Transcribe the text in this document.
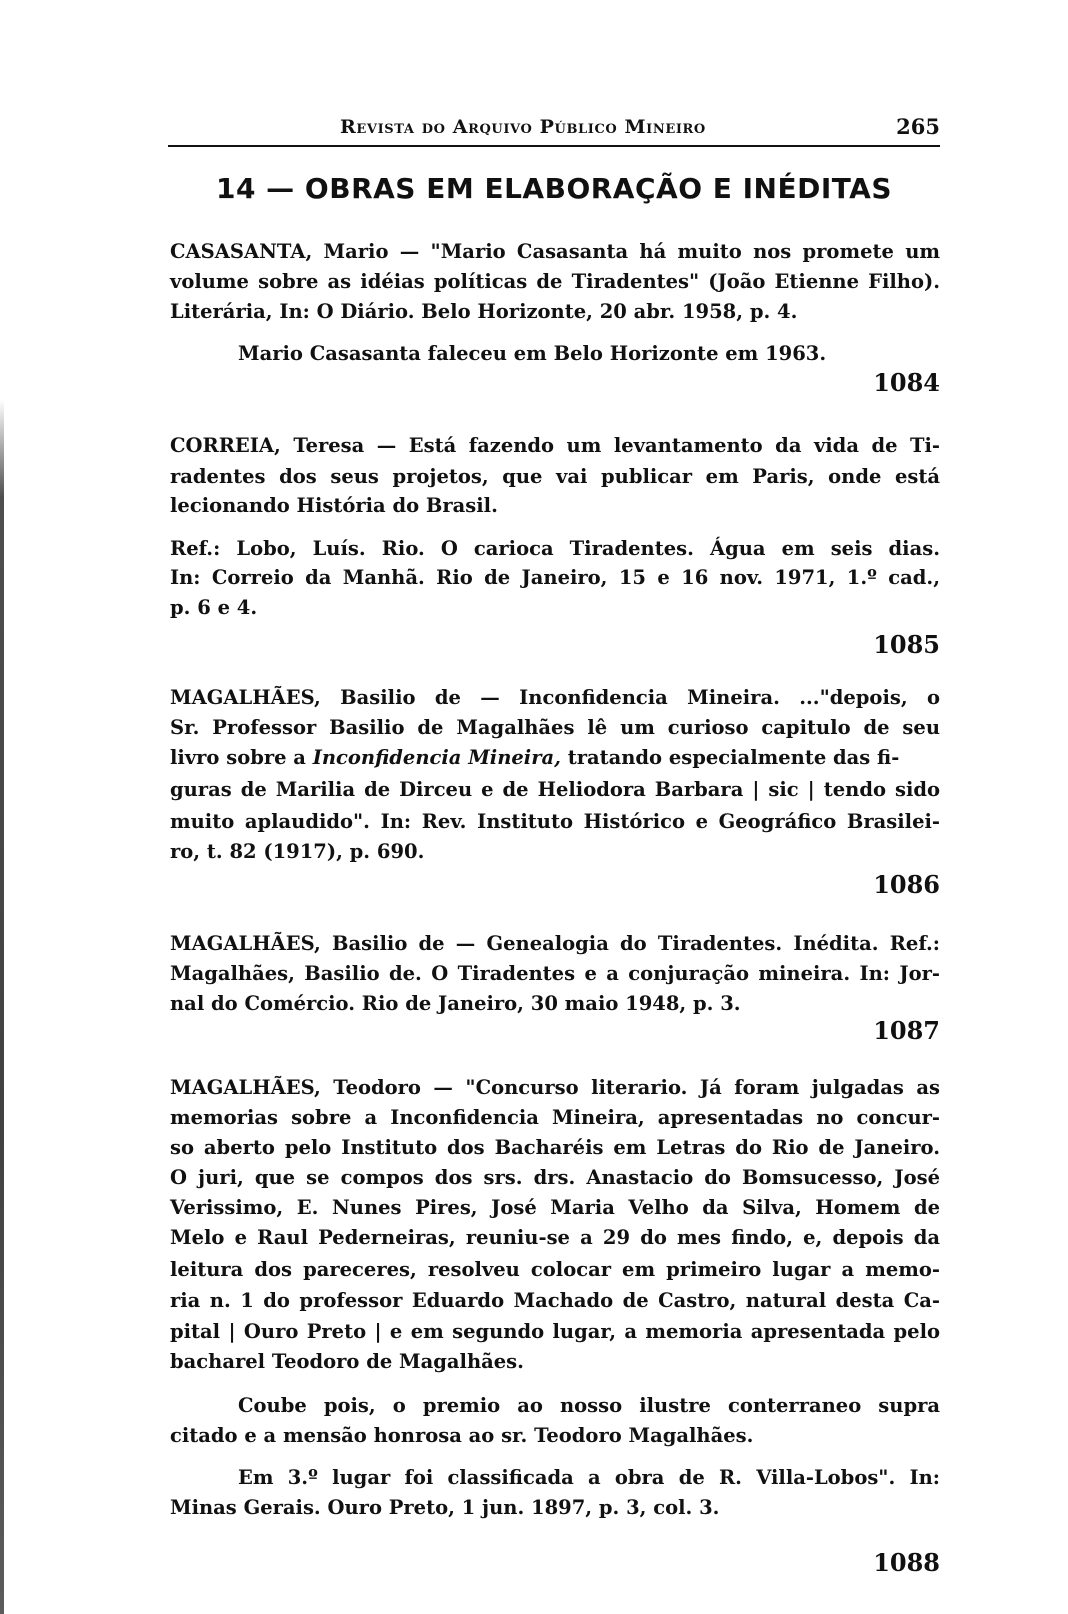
Revista do Arquivo Público Mineiro	265
14 — OBRAS EM ELABORAÇÃO E INÉDITAS
CASASANTA, Mario — "Mario Casasanta há muito nos promete um
volume sobre as idéias políticas de Tiradentes" (João Etienne Filho).
Literária, In: O Diário. Belo Horizonte, 20 abr. 1958, p. 4.
Mario Casasanta faleceu em Belo Horizonte em 1963.
1084
CORREIA, Teresa — Está fazendo um levantamento da vida de Ti-
radentes dos seus projetos, que vai publicar em Paris, onde está
lecionando História do Brasil.
Ref.: Lobo, Luís. Rio. O carioca Tiradentes. Água em seis dias.
In: Correio da Manhã. Rio de Janeiro, 15 e 16 nov. 1971, 1.º cad.,
p. 6 e 4.
1085
MAGALHÃES, Basilio de — Inconfidencia Mineira. ..."depois, o
Sr. Professor Basilio de Magalhães lê um curioso capitulo de seu
livro sobre a Inconfidencia Mineira, tratando especialmente das fi-
guras de Marilia de Dirceu e de Heliodora Barbara | sic | tendo sido
muito aplaudido". In: Rev. Instituto Histórico e Geográfico Brasilei-
ro, t. 82 (1917), p. 690.
1086
MAGALHÃES, Basilio de — Genealogia do Tiradentes. Inédita. Ref.:
Magalhães, Basilio de. O Tiradentes e a conjuração mineira. In: Jor-
nal do Comércio. Rio de Janeiro, 30 maio 1948, p. 3.
1087
MAGALHÃES, Teodoro — "Concurso literario. Já foram julgadas as
memorias sobre a Inconfidencia Mineira, apresentadas no concur-
so aberto pelo Instituto dos Bacharéis em Letras do Rio de Janeiro.
O juri, que se compos dos srs. drs. Anastacio do Bomsucesso, José
Verissimo, E. Nunes Pires, José Maria Velho da Silva, Homem de
Melo e Raul Pederneiras, reuniu-se a 29 do mes findo, e, depois da
leitura dos pareceres, resolveu colocar em primeiro lugar a memo-
ria n. 1 do professor Eduardo Machado de Castro, natural desta Ca-
pital | Ouro Preto | e em segundo lugar, a memoria apresentada pelo
bacharel Teodoro de Magalhães.
Coube pois, o premio ao nosso ilustre conterraneo supra
citado e a mensão honrosa ao sr. Teodoro Magalhães.
Em 3.º lugar foi classificada a obra de R. Villa-Lobos". In:
Minas Gerais. Ouro Preto, 1 jun. 1897, p. 3, col. 3.
1088
